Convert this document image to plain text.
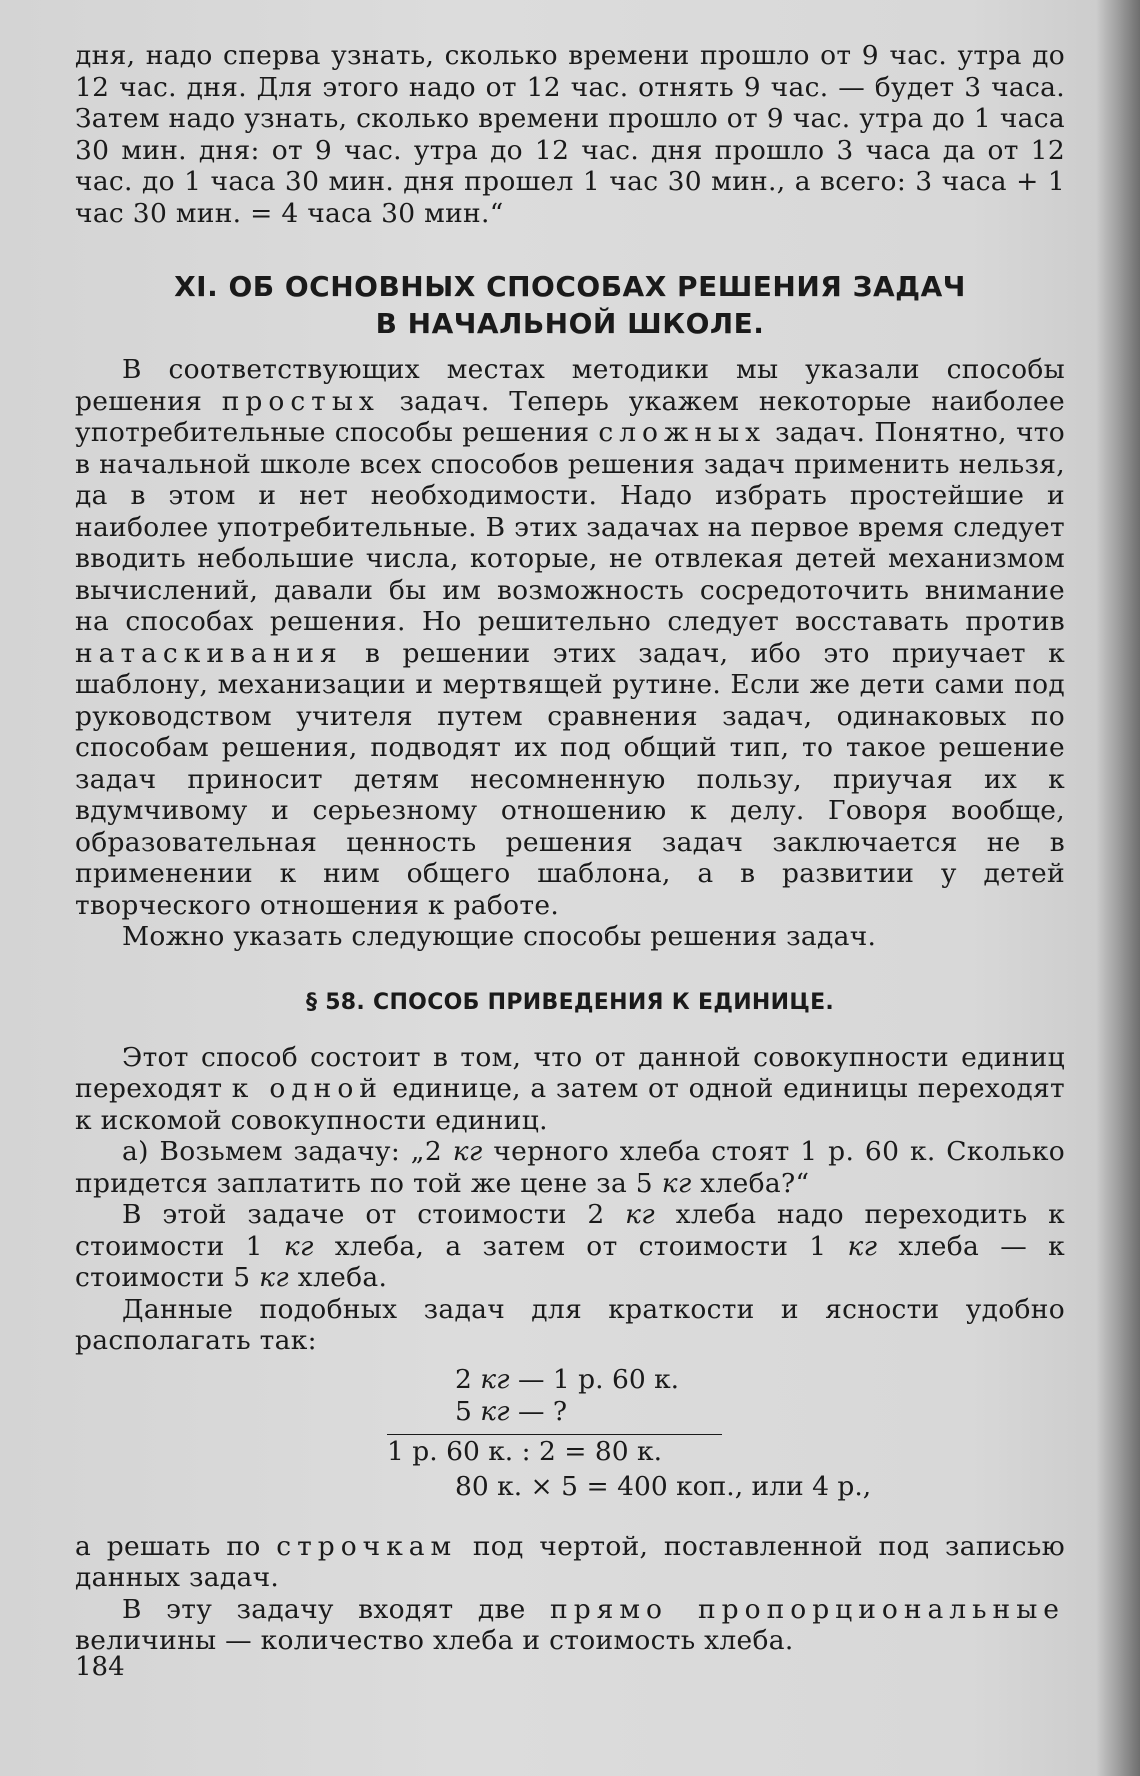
дня, надо сперва узнать, сколько времени прошло от 9 час. утра до 12 час. дня. Для этого надо от 12 час. отнять 9 час. — будет 3 часа. Затем надо узнать, сколько времени прошло от 9 час. утра до 1 часа 30 мин. дня: от 9 час. утра до 12 час. дня прошло 3 часа да от 12 час. до 1 часа 30 мин. дня прошел 1 час 30 мин., а всего: 3 часа + 1 час 30 мин. = 4 часа 30 мин.“

XI. ОБ ОСНОВНЫХ СПОСОБАХ РЕШЕНИЯ ЗАДАЧ
В НАЧАЛЬНОЙ ШКОЛЕ.

В соответствующих местах методики мы указали способы решения простых задач. Теперь укажем некоторые наиболее употребительные способы решения сложных задач. Понятно, что в начальной школе всех способов решения задач применить нельзя, да в этом и нет необходимости. Надо избрать простейшие и наиболее употребительные. В этих задачах на первое время следует вводить небольшие числа, которые, не отвлекая детей механизмом вычислений, давали бы им возможность сосредоточить внимание на способах решения. Но решительно следует восставать против натаскивания в решении этих задач, ибо это приучает к шаблону, механизации и мертвящей рутине. Если же дети сами под руководством учителя путем сравнения задач, одинаковых по способам решения, подводят их под общий тип, то такое решение задач приносит детям несомненную пользу, приучая их к вдумчивому и серьезному отношению к делу. Говоря вообще, образовательная ценность решения задач заключается не в применении к ним общего шаблона, а в развитии у детей творческого отношения к работе.

Можно указать следующие способы решения задач.

§ 58. СПОСОБ ПРИВЕДЕНИЯ К ЕДИНИЦЕ.

Этот способ состоит в том, что от данной совокупности единиц переходят к одной единице, а затем от одной единицы переходят к искомой совокупности единиц.

а) Возьмем задачу: „2 кг черного хлеба стоят 1 р. 60 к. Сколько придется заплатить по той же цене за 5 кг хлеба?“

В этой задаче от стоимости 2 кг хлеба надо переходить к стоимости 1 кг хлеба, а затем от стоимости 1 кг хлеба — к стоимости 5 кг хлеба.

Данные подобных задач для краткости и ясности удобно располагать так:

2 кг — 1 р. 60 к.
5 кг — ?
1 р. 60 к. : 2 = 80 к.
80 к. × 5 = 400 коп., или 4 р.,

а решать по строчкам под чертой, поставленной под записью данных задач.

В эту задачу входят две прямо пропорциональные величины — количество хлеба и стоимость хлеба.

184
